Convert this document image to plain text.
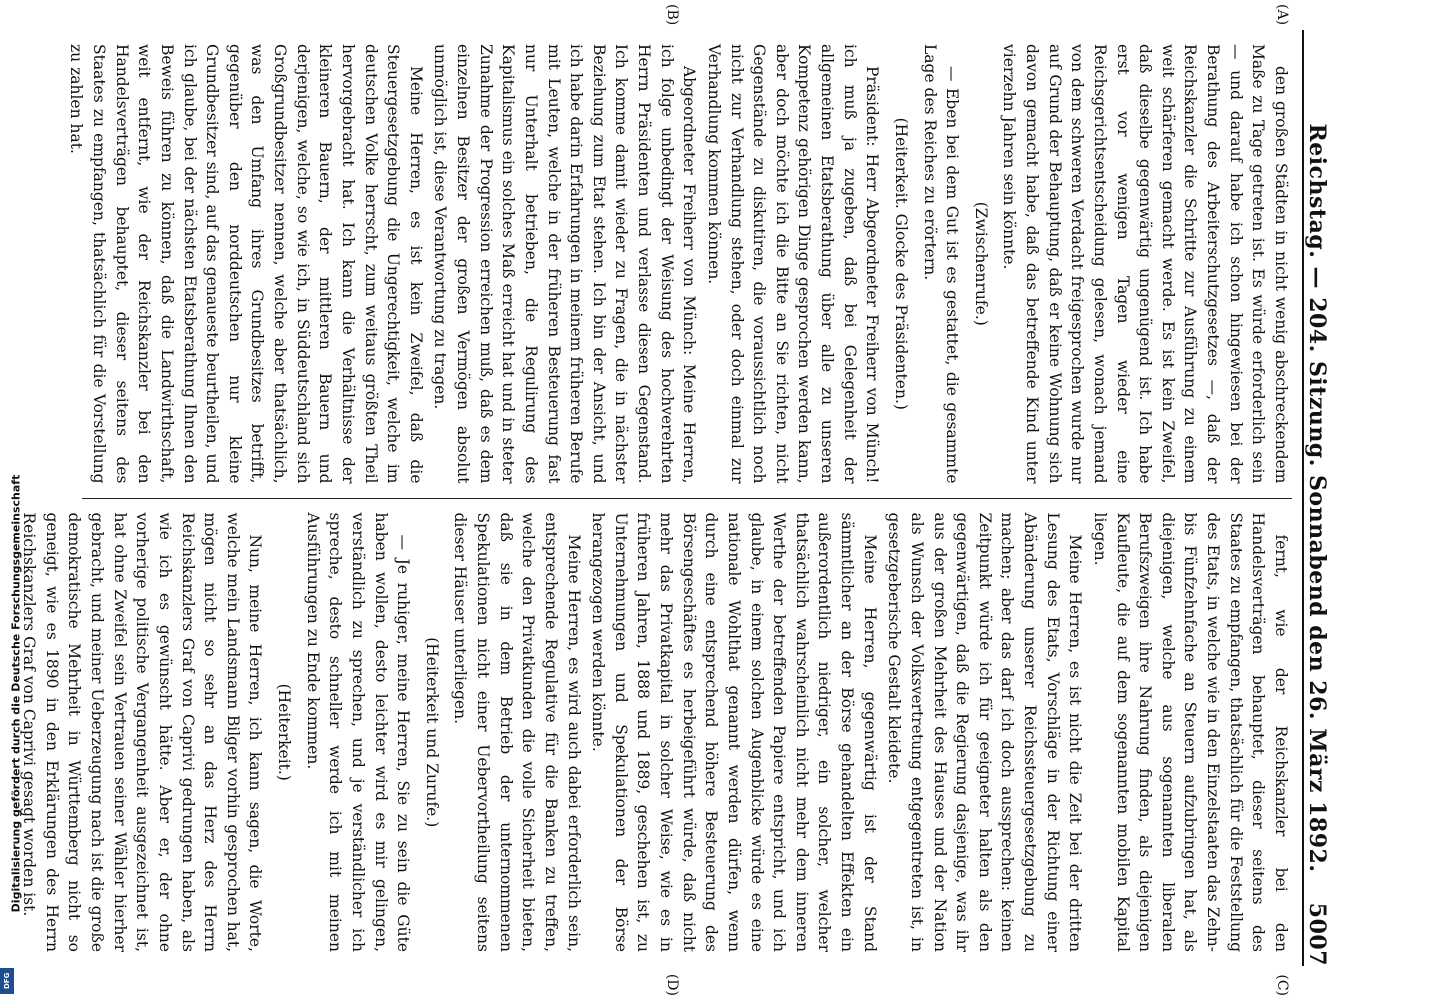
Digitalisierung gefördert durch die Deutsche Forschungsgemeinschaft
DFG
Reichstag. — 204. Sitzung. Sonnabend den 26. März 1892.
5007
(A)
(B)

den großen Städten in nicht wenig abschreckendem Maße zu Tage getreten ist. Es würde erforderlich sein — und darauf habe ich schon hingewiesen bei der Berathung des Arbeiterschutzgesetzes —, daß der Reichskanzler die Schritte zur Ausführung zu einem weit schärferen gemacht werde. Es ist kein Zweifel, daß dieselbe gegenwärtig ungenügend ist. Ich habe erst vor wenigen Tagen wieder eine Reichsgerichtsentscheidung gelesen, wonach jemand von dem schweren Verdacht freigesprochen wurde nur auf Grund der Behauptung, daß er keine Wohnung sich davon gemacht habe, daß das betreffende Kind unter vierzehn Jahren sein könnte.

(Zwischenrufe.)

— Eben bei dem Gut ist es gestattet, die gesammte Lage des Reiches zu erörtern.

(Heiterkeit. Glocke des Präsidenten.)

Präsident: Herr Abgeordneter Freiherr von Münch! ich muß ja zugeben, daß bei Gelegenheit der allgemeinen Etatsberathung über alle zu unseren Kompetenz gehörigen Dinge gesprochen werden kann, aber doch möchte ich die Bitte an Sie richten, nicht Gegenstände zu diskutiren, die voraussichtlich noch nicht zur Verhandlung stehen, oder doch einmal zur Verhandlung kommen können.

Abgeordneter Freiherr von Münch: Meine Herren, ich folge unbedingt der Weisung des hochverehrten Herrn Präsidenten und verlasse diesen Gegenstand. Ich komme damit wieder zu Fragen, die in nächster Beziehung zum Etat stehen. Ich bin der Ansicht, und ich habe darin Erfahrungen in meinem früheren Berufe mit Leuten, welche in der früheren Besteuerung fast nur Unterhalt betrieben, die Regulirung des Kapitalismus ein solches Maß erreicht hat und in steter Zunahme der Progression erreichen muß, daß es dem einzelnen Besitzer der großen Vermögen absolut unmöglich ist, diese Verantwortung zu tragen.

Meine Herren, es ist kein Zweifel, daß die Steuergesetzgebung die Ungerechtigkeit, welche im deutschen Volke herrscht, zum weitaus größten Theil hervorgebracht hat. Ich kann die Verhältnisse der kleineren Bauern, der mittleren Bauern und derjenigen, welche, so wie ich, in Süddeutschland sich Großgrundbesitzer nennen, welche aber thatsächlich, was den Umfang ihres Grundbesitzes betrifft, gegenüber den norddeutschen nur kleine Grundbesitzer sind, auf das genaueste beurtheilen, und ich glaube, bei der nächsten Etatsberathung Ihnen den Beweis führen zu können, daß die Landwirthschaft, weit entfernt, wie der Reichskanzler bei den Handelsverträgen behauptet, dieser seitens des Staates zu empfangen, thatsächlich für die Vorstellung zu zahlen hat.

(C)
(D)

fernt, wie der Reichskanzler bei den Handelsverträgen behauptet, dieser seitens des Staates zu empfangen, thatsächlich für die Feststellung des Etats, in welche wie in den Einzelstaaten das Zehn- bis Fünfzehnfache an Steuern aufzubringen hat, als diejenigen, welche aus sogenannten liberalen Berufszweigen ihre Nahrung finden, als diejenigen Kaufleute, die auf dem sogenannten mobilen Kapital liegen.

Meine Herren, es ist nicht die Zeit bei der dritten Lesung des Etats, Vorschläge in der Richtung einer Abänderung unserer Reichssteuergesetzgebung zu machen; aber das darf ich doch aussprechen: keinen Zeitpunkt würde ich für geeigneter halten als den gegenwärtigen, daß die Regierung dasjenige, was ihr aus der großen Mehrheit des Hauses und der Nation als Wunsch der Volksvertretung entgegentreten ist, in gesetzgeberische Gestalt kleidete.

Meine Herren, gegenwärtig ist der Stand sämmtlicher an der Börse gehandelten Effekten ein außerordentlich niedriger, ein solcher, welcher thatsächlich wahrscheinlich nicht mehr dem inneren Werthe der betreffenden Papiere entspricht, und ich glaube, in einem solchen Augenblicke würde es eine nationale Wohlthat genannt werden dürfen, wenn durch eine entsprechend höhere Besteuerung des Börsengeschäftes es herbeigeführt würde, daß nicht mehr das Privatkapital in solcher Weise, wie es in früheren Jahren, 1888 und 1889, geschehen ist, zu Unternehmungen und Spekulationen der Börse herangezogen werden könnte.

Meine Herren, es wird auch dabei erforderlich sein, entsprechende Regulative für die Banken zu treffen, welche den Privatkunden die volle Sicherheit bieten, daß sie in dem Betrieb der unternommenen Spekulationen nicht einer Uebervortheilung seitens dieser Häuser unterliegen.

(Heiterkeit und Zurufe.)

— Je ruhiger, meine Herren, Sie zu sein die Güte haben wollen, desto leichter wird es mir gelingen, verständlich zu sprechen, und je verständlicher ich spreche, desto schneller werde ich mit meinen Ausführungen zu Ende kommen.

(Heiterkeit.)

Nun, meine Herren, ich kann sagen, die Worte, welche mein Landsmann Bilger vorhin gesprochen hat, mögen nicht so sehr an das Herz des Herrn Reichskanzlers Graf von Caprivi gedrungen haben, als wie ich es gewünscht hätte. Aber er, der ohne vorherige politische Vergangenheit ausgezeichnet ist, hat ohne Zweifel sein Vertrauen seiner Wähler hierher gebracht, und meiner Ueberzeugung nach ist die große demokratische Mehrheit in Württemberg nicht so geneigt, wie es 1890 in den Erklärungen des Herrn Reichskanzlers Graf von Caprivi gesagt worden ist.
